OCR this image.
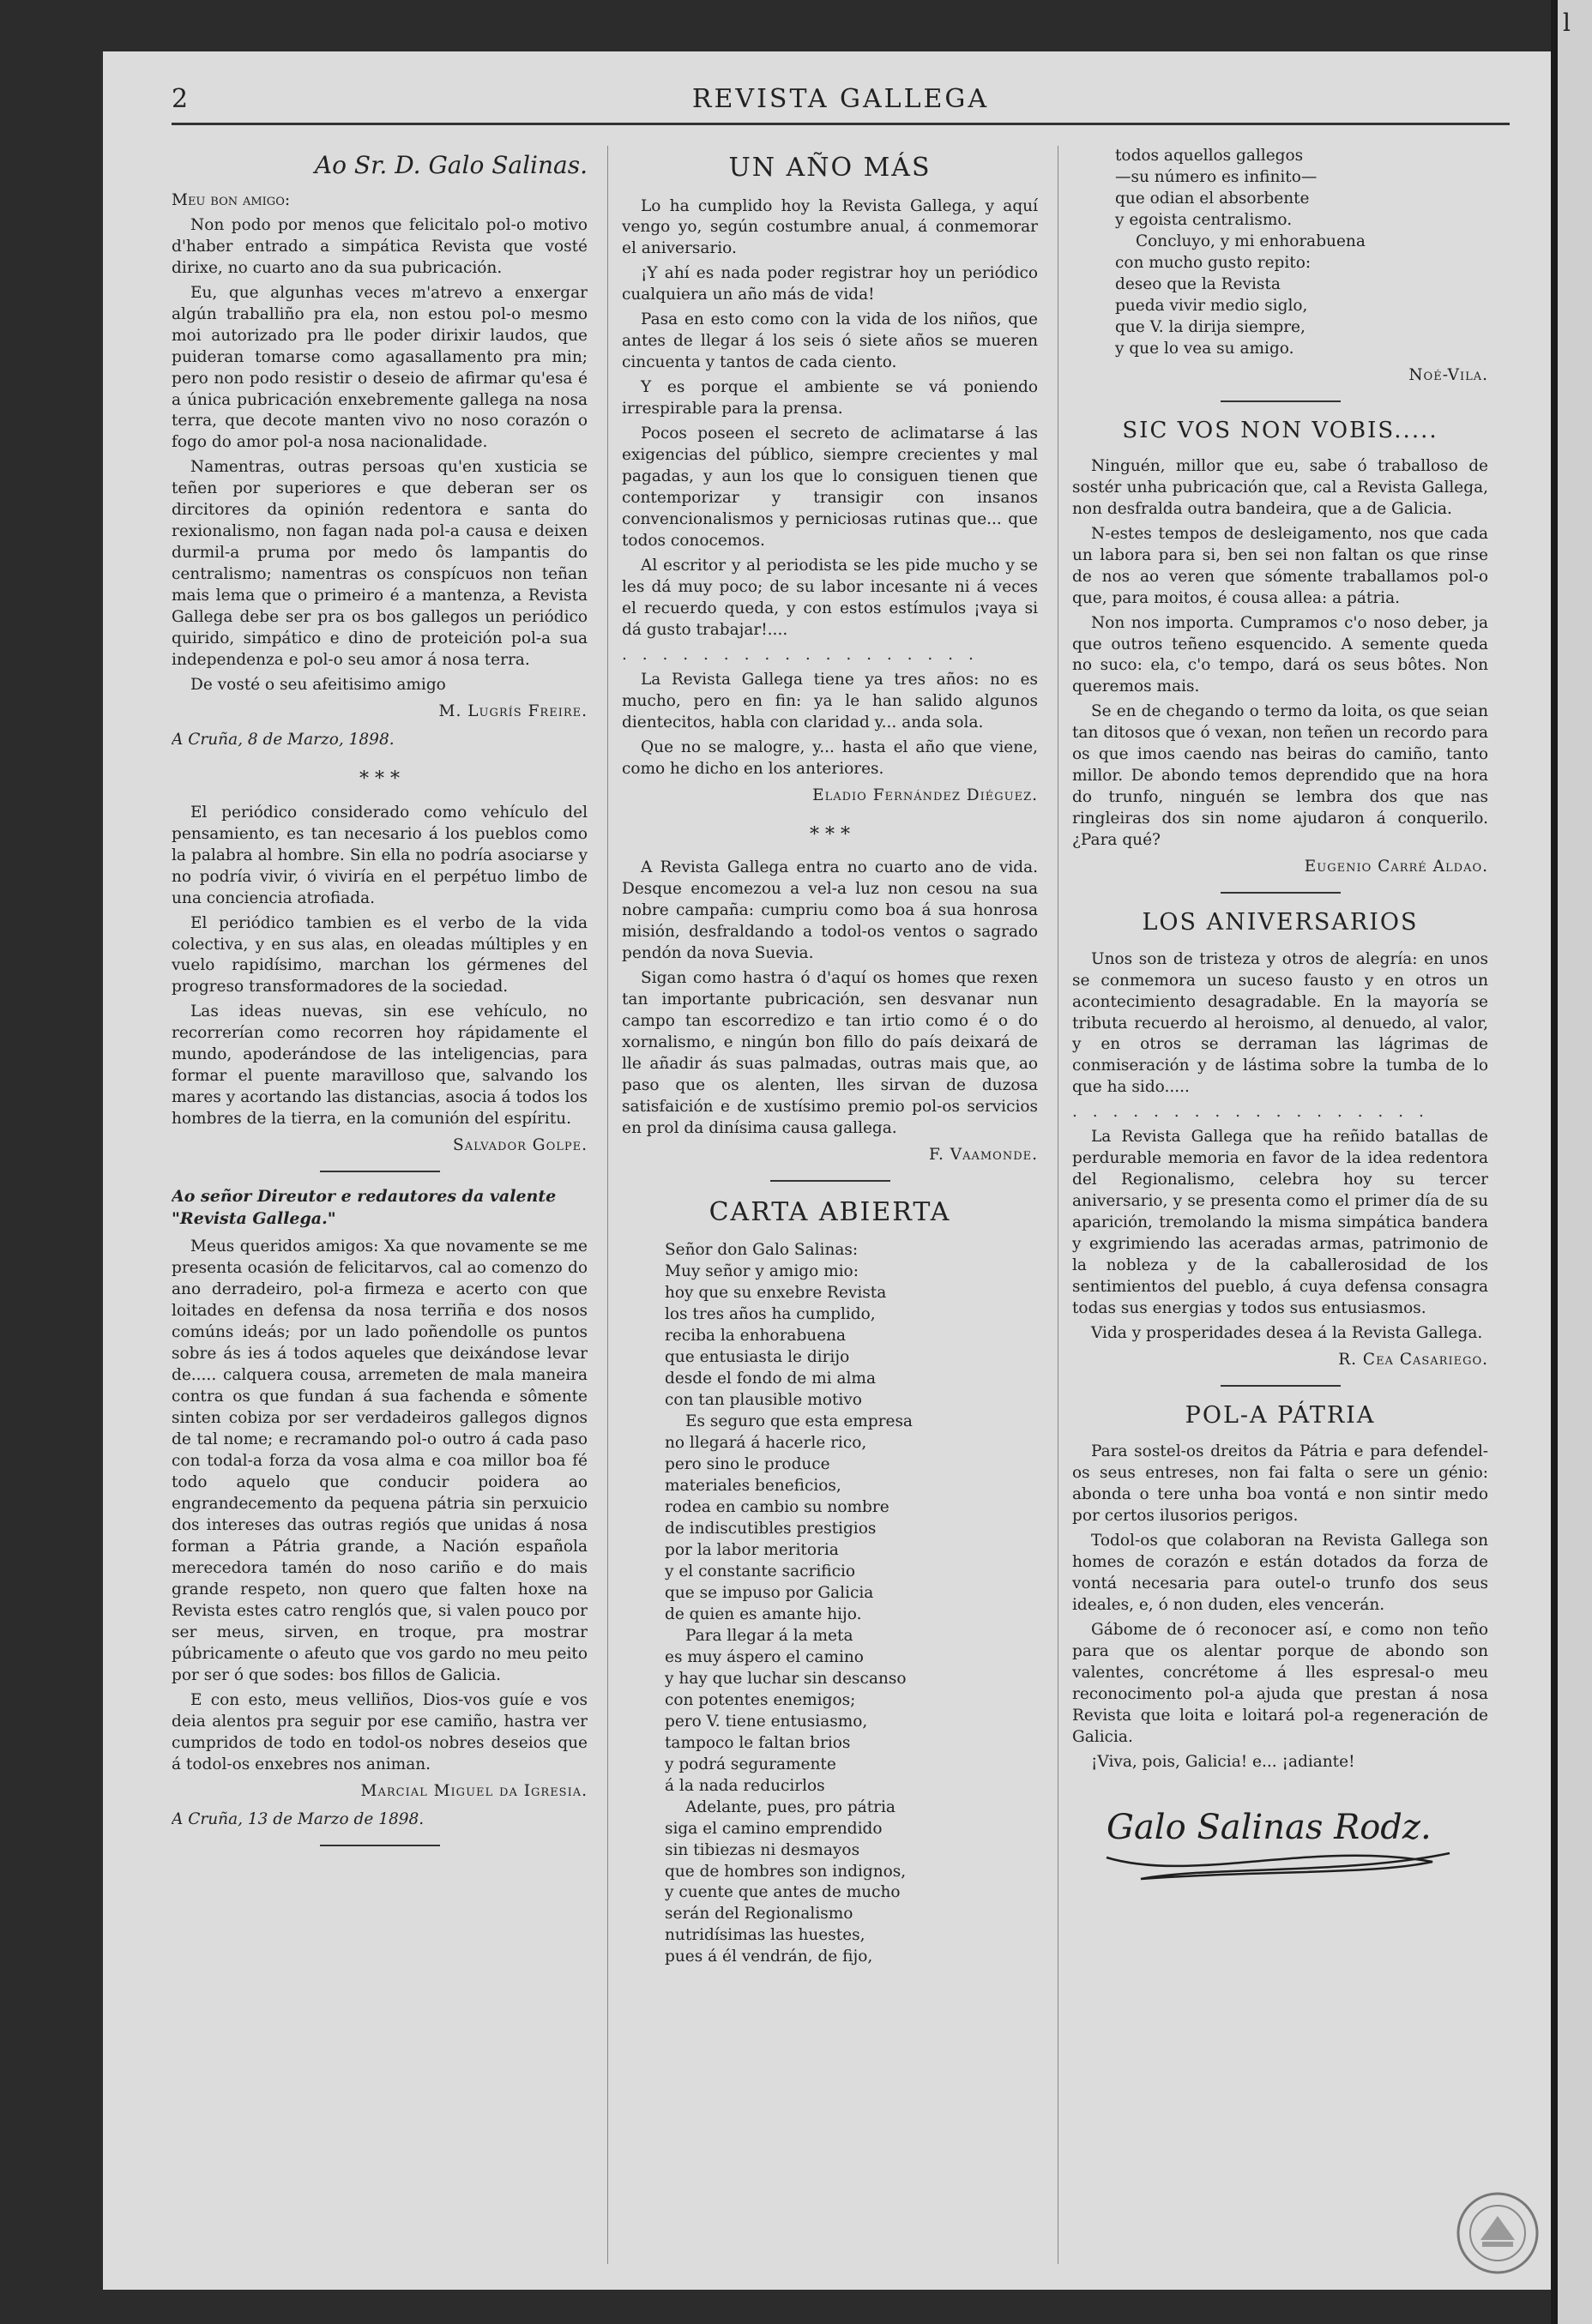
2	REVISTA GALLEGA
Ao Sr. D. Galo Salinas.

Meu bon amigo:

Non podo por menos que felicitalo pol-o motivo d'haber entrado a simpática Revista que vosté dirixe, no cuarto ano da sua pubricación.

Eu, que algunhas veces m'atrevo a enxergar algún traballiño pra ela, non estou pol-o mesmo moi autorizado pra lle poder dirixir laudos, que puideran tomarse como agasallamento pra min; pero non podo resistir o deseio de afirmar qu'esa é a única pubricación enxebremente gallega na nosa terra, que decote manten vivo no noso corazón o fogo do amor pol-a nosa nacionalidade.

Namentras, outras persoas qu'en xusticia se teñen por superiores e que deberan ser os dircitores da opinión redentora e santa do rexionalismo, non fagan nada pol-a causa e deixen durmil-a pruma por medo ôs lampantis do centralismo; namentras os conspícuos non teñan mais lema que o primeiro é a mantenza, a Revista Gallega debe ser pra os bos gallegos un periódico quirido, simpático e dino de proteición pol-a sua independenza e pol-o seu amor á nosa terra.

De vosté o seu afeitisimo amigo

M. Lugrís Freire.
A Cruña, 8 de Marzo, 1898.
* * *

El periódico considerado como vehículo del pensamiento, es tan necesario á los pueblos como la palabra al hombre. Sin ella no podría asociarse y no podría vivir, ó viviría en el perpétuo limbo de una conciencia atrofiada.

El periódico tambien es el verbo de la vida colectiva, y en sus alas, en oleadas múltiples y en vuelo rapidísimo, marchan los gérmenes del progreso transformadores de la sociedad.

Las ideas nuevas, sin ese vehículo, no recorrerían como recorren hoy rápidamente el mundo, apoderándose de las inteligencias, para formar el puente maravilloso que, salvando los mares y acortando las distancias, asocia á todos los hombres de la tierra, en la comunión del espíritu.

Salvador Golpe.
Ao señor Direutor e redautores da valente "Revista Gallega."

Meus queridos amigos: Xa que novamente se me presenta ocasión de felicitarvos, cal ao comenzo do ano derradeiro, pol-a firmeza e acerto con que loitades en defensa da nosa terriña e dos nosos comúns ideás; por un lado poñendolle os puntos sobre ás ies á todos aqueles que deixándose levar de..... calquera cousa, arremeten de mala maneira contra os que fundan á sua fachenda e sômente sinten cobiza por ser verdadeiros gallegos dignos de tal nome; e recramando pol-o outro á cada paso con todal-a forza da vosa alma e coa millor boa fé todo aquelo que conducir poidera ao engrandecemento da pequena pátria sin perxuicio dos intereses das outras regiós que unidas á nosa forman a Pátria grande, a Nación española merecedora tamén do noso cariño e do mais grande respeto, non quero que falten hoxe na Revista estes catro renglós que, si valen pouco por ser meus, sirven, en troque, pra mostrar púbricamente o afeuto que vos gardo no meu peito por ser ó que sodes: bos fillos de Galicia.

E con esto, meus velliños, Dios-vos guíe e vos deia alentos pra seguir por ese camiño, hastra ver cumpridos de todo en todol-os nobres deseios que á todol-os enxebres nos animan.

Marcial Miguel da Igresia.
A Cruña, 13 de Marzo de 1898.
UN AÑO MÁS

Lo ha cumplido hoy la Revista Gallega, y aquí vengo yo, según costumbre anual, á conmemorar el aniversario.

¡Y ahí es nada poder registrar hoy un periódico cualquiera un año más de vida!

Pasa en esto como con la vida de los niños, que antes de llegar á los seis ó siete años se mueren cincuenta y tantos de cada ciento.

Y es porque el ambiente se vá poniendo irrespirable para la prensa.

Pocos poseen el secreto de aclimatarse á las exigencias del público, siempre crecientes y mal pagadas, y aun los que lo consiguen tienen que contemporizar y transigir con insanos convencionalismos y perniciosas rutinas que... que todos conocemos.

Al escritor y al periodista se les pide mucho y se les dá muy poco; de su labor incesante ni á veces el recuerdo queda, y con estos estímulos ¡vaya si dá gusto trabajar!....

. . . . . . . . . . . . . . . . . .

La Revista Gallega tiene ya tres años: no es mucho, pero en fin: ya le han salido algunos dientecitos, habla con claridad y... anda sola.

Que no se malogre, y... hasta el año que viene, como he dicho en los anteriores.

Eladio Fernández Diéguez.
* * *

A Revista Gallega entra no cuarto ano de vida. Desque encomezou a vel-a luz non cesou na sua nobre campaña: cumpriu como boa á sua honrosa misión, desfraldando a todol-os ventos o sagrado pendón da nova Suevia.

Sigan como hastra ó d'aquí os homes que rexen tan importante pubricación, sen desvanar nun campo tan escorredizo e tan irtio como é o do xornalismo, e ningún bon fillo do país deixará de lle añadir ás suas palmadas, outras mais que, ao paso que os alenten, lles sirvan de duzosa satisfaición e de xustísimo premio pol-os servicios en prol da dinísima causa gallega.

F. Vaamonde.
CARTA ABIERTA
Señor don Galo Salinas:
Muy señor y amigo mio:
hoy que su enxebre Revista
los tres años ha cumplido,
reciba la enhorabuena
que entusiasta le dirijo
desde el fondo de mi alma
con tan plausible motivo
Es seguro que esta empresa
no llegará á hacerle rico,
pero sino le produce
materiales beneficios,
rodea en cambio su nombre
de indiscutibles prestigios
por la labor meritoria
y el constante sacrificio
que se impuso por Galicia
de quien es amante hijo.
Para llegar á la meta
es muy áspero el camino
y hay que luchar sin descanso
con potentes enemigos;
pero V. tiene entusiasmo,
tampoco le faltan brios
y podrá seguramente
á la nada reducirlos
Adelante, pues, pro pátria
siga el camino emprendido
sin tibiezas ni desmayos
que de hombres son indignos,
y cuente que antes de mucho
serán del Regionalismo
nutridísimas las huestes,
pues á él vendrán, de fijo,
todos aquellos gallegos
—su número es infinito—
que odian el absorbente
y egoista centralismo.
Concluyo, y mi enhorabuena
con mucho gusto repito:
deseo que la Revista
pueda vivir medio siglo,
que V. la dirija siempre,
y que lo vea su amigo.
Noé-Vila.
SIC VOS NON VOBIS.....

Ninguén, millor que eu, sabe ó traballoso de sostér unha pubricación que, cal a Revista Gallega, non desfralda outra bandeira, que a de Galicia.

N-estes tempos de desleigamento, nos que cada un labora para si, ben sei non faltan os que rinse de nos ao veren que sómente traballamos pol-o que, para moitos, é cousa allea: a pátria.

Non nos importa. Cumpramos c'o noso deber, ja que outros teñeno esquencido. A semente queda no suco: ela, c'o tempo, dará os seus bôtes. Non queremos mais.

Se en de chegando o termo da loita, os que seian tan ditosos que ó vexan, non teñen un recordo para os que imos caendo nas beiras do camiño, tanto millor. De abondo temos deprendido que na hora do trunfo, ninguén se lembra dos que nas ringleiras dos sin nome ajudaron á conquerilo. ¿Para qué?

Eugenio Carré Aldao.
LOS ANIVERSARIOS

Unos son de tristeza y otros de alegría: en unos se conmemora un suceso fausto y en otros un acontecimiento desagradable. En la mayoría se tributa recuerdo al heroismo, al denuedo, al valor, y en otros se derraman las lágrimas de conmiseración y de lástima sobre la tumba de lo que ha sido.....

. . . . . . . . . . . . . . . . . .

La Revista Gallega que ha reñido batallas de perdurable memoria en favor de la idea redentora del Regionalismo, celebra hoy su tercer aniversario, y se presenta como el primer día de su aparición, tremolando la misma simpática bandera y exgrimiendo las aceradas armas, patrimonio de la nobleza y de la caballerosidad de los sentimientos del pueblo, á cuya defensa consagra todas sus energias y todos sus entusiasmos.

Vida y prosperidades desea á la Revista Gallega.

R. Cea Casariego.
POL-A PÁTRIA

Para sostel-os dreitos da Pátria e para defendel-os seus entreses, non fai falta o sere un génio: abonda o tere unha boa vontá e non sintir medo por certos ilusorios perigos.

Todol-os que colaboran na Revista Gallega son homes de corazón e están dotados da forza de vontá necesaria para outel-o trunfo dos seus ideales, e, ó non duden, eles vencerán.

Gábome de ó reconocer así, e como non teño para que os alentar porque de abondo son valentes, concrétome á lles espresal-o meu reconocimento pol-a ajuda que prestan á nosa Revista que loita e loitará pol-a regeneración de Galicia.

¡Viva, pois, Galicia! e... ¡adiante!

Galo Salinas Rodz.
l
